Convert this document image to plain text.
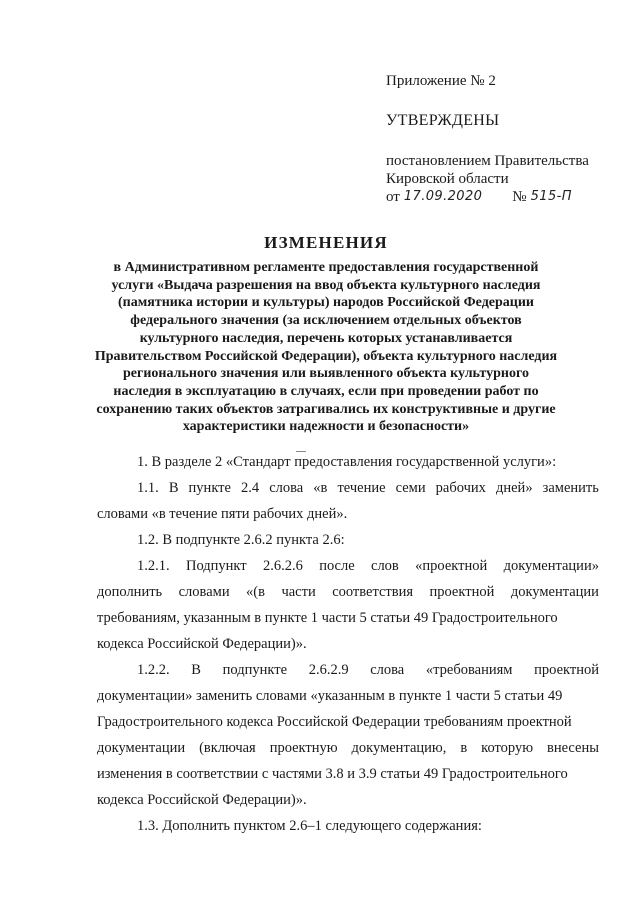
Приложение № 2
УТВЕРЖДЕНЫ
постановлением Правительства
Кировской области
от 17.09.2020 № 515-П
ИЗМЕНЕНИЯ
в Административном регламенте предоставления государственной
услуги «Выдача разрешения на ввод объекта культурного наследия
(памятника истории и культуры) народов Российской Федерации
федерального значения (за исключением отдельных объектов
культурного наследия, перечень которых устанавливается
Правительством Российской Федерации), объекта культурного наследия
регионального значения или выявленного объекта культурного
наследия в эксплуатацию в случаях, если при проведении работ по
сохранению таких объектов затрагивались их конструктивные и другие
характеристики надежности и безопасности»
1. В разделе 2 «Стандарт предоставления государственной услуги»:
1.1. В пункте 2.4 слова «в течение семи рабочих дней» заменить
словами «в течение пяти рабочих дней».
1.2. В подпункте 2.6.2 пункта 2.6:
1.2.1. Подпункт 2.6.2.6 после слов «проектной документации»
дополнить словами «(в части соответствия проектной документации
требованиям, указанным в пункте 1 части 5 статьи 49 Градостроительного
кодекса Российской Федерации)».
1.2.2. В подпункте 2.6.2.9 слова «требованиям проектной
документации» заменить словами «указанным в пункте 1 части 5 статьи 49
Градостроительного кодекса Российской Федерации требованиям проектной
документации (включая проектную документацию, в которую внесены
изменения в соответствии с частями 3.8 и 3.9 статьи 49 Градостроительного
кодекса Российской Федерации)».
1.3. Дополнить пунктом 2.6–1 следующего содержания:
